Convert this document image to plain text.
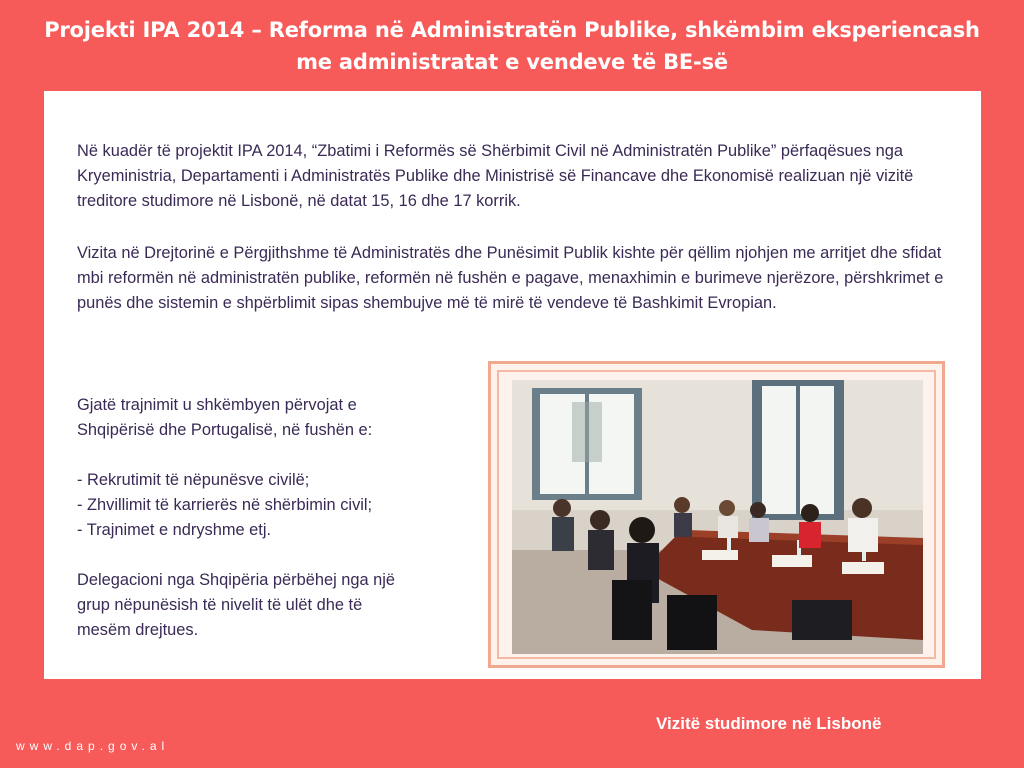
Projekti IPA 2014 – Reforma në Administratën Publike, shkëmbim eksperiencash
me administratat e vendeve të BE-së

Në kuadër të projektit IPA 2014, “Zbatimi i Reformës së Shërbimit Civil në Administratën Publike” përfaqësues nga Kryeministria, Departamenti i Administratës Publike dhe Ministrisë së Financave dhe Ekonomisë realizuan një vizitë treditore studimore në Lisbonë, në datat 15, 16 dhe 17 korrik.

Vizita në Drejtorinë e Përgjithshme të Administratës dhe Punësimit Publik kishte për qëllim njohjen me arritjet dhe sfidat mbi reformën në administratën publike, reformën në fushën e pagave, menaxhimin e burimeve njerëzore, përshkrimet e punës dhe sistemin e shpërblimit sipas shembujve më të mirë të vendeve të Bashkimit Evropian.

Gjatë trajnimit u shkëmbyen përvojat e
Shqipërisë dhe Portugalisë, në fushën e:
- Rekrutimit të nëpunësve civilë;
- Zhvillimit të karrierës në shërbimin civil;
- Trajnimet e ndryshme etj.
Delegacioni nga Shqipëria përbëhej nga një
grup nëpunësish të nivelit të ulët dhe të
mesëm drejtues.
Vizitë studimore në Lisbonë
www.dap.gov.al
